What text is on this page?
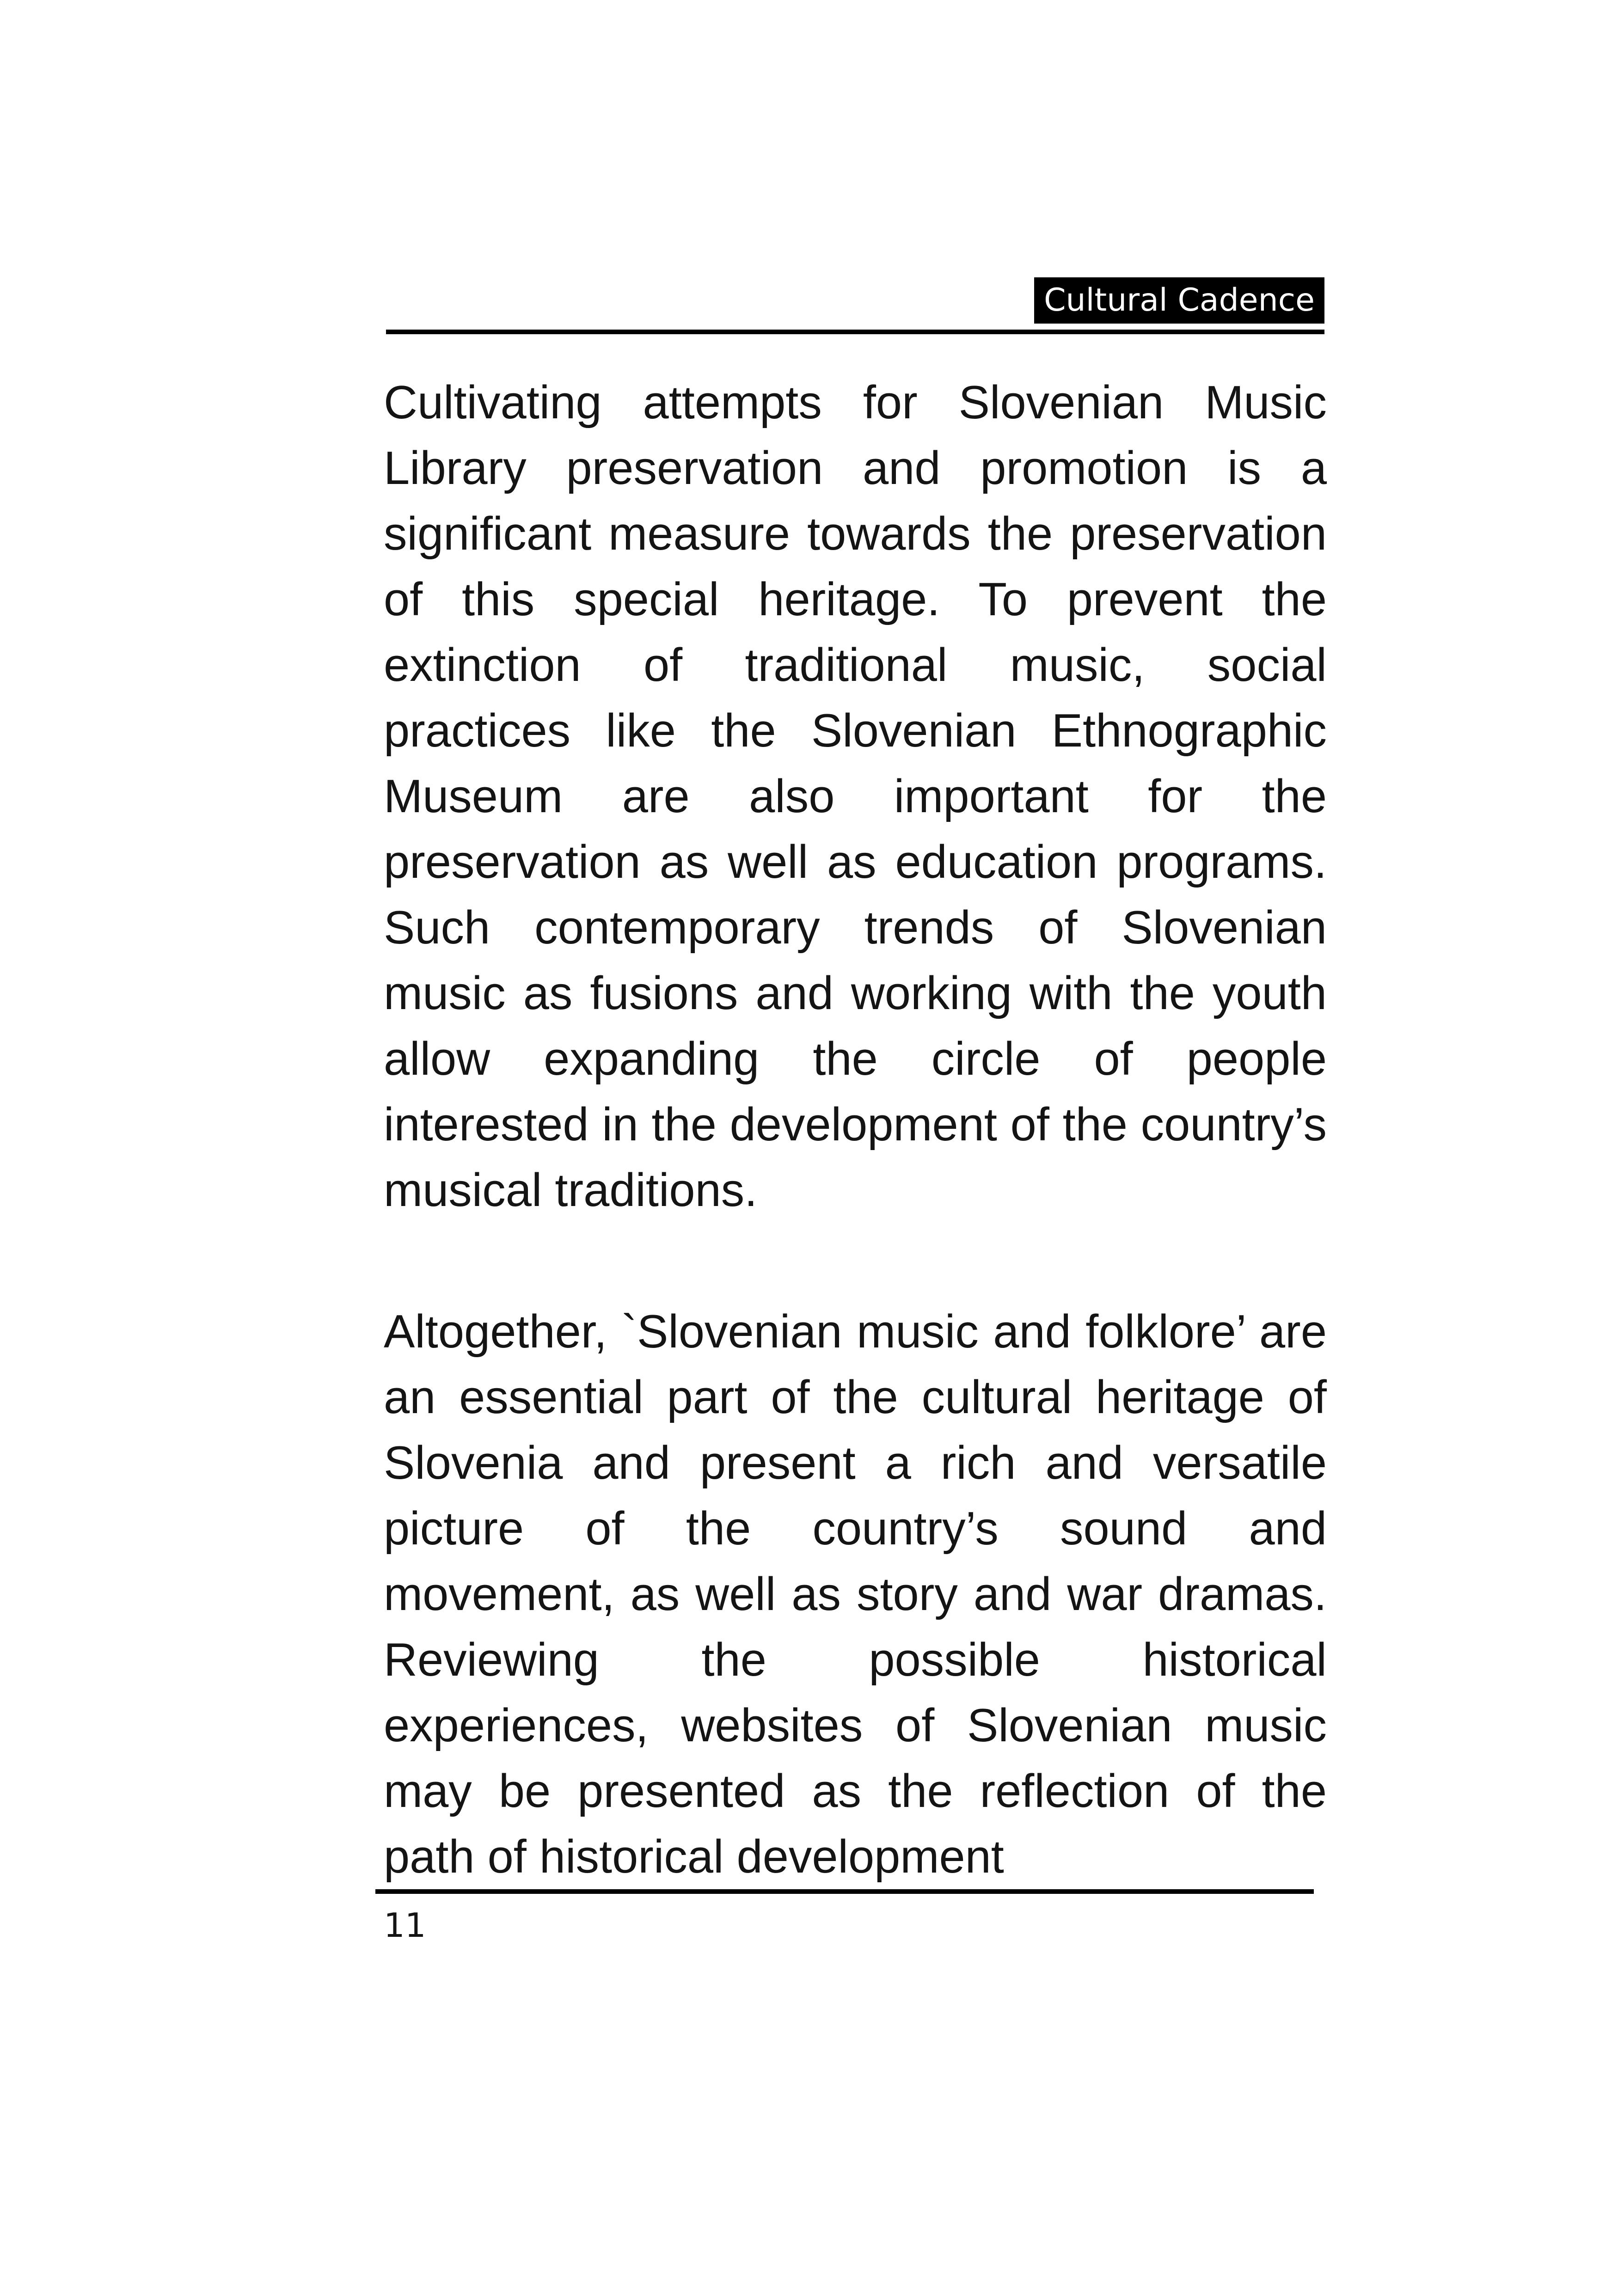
Cultural Cadence

Cultivating attempts for Slovenian Music Library preservation and promotion is a significant measure towards the preservation of this special heritage. To prevent the extinction of traditional music, social practices like the Slovenian Ethnographic Museum are also important for the preservation as well as education programs. Such contemporary trends of Slovenian music as fusions and working with the youth allow expanding the circle of people interested in the development of the country’s musical traditions.

Altogether, `Slovenian music and folklore’ are an essential part of the cultural heritage of Slovenia and present a rich and versatile picture of the country’s sound and movement, as well as story and war dramas. Reviewing the possible historical experiences, websites of Slovenian music may be presented as the reflection of the path of historical development

11
